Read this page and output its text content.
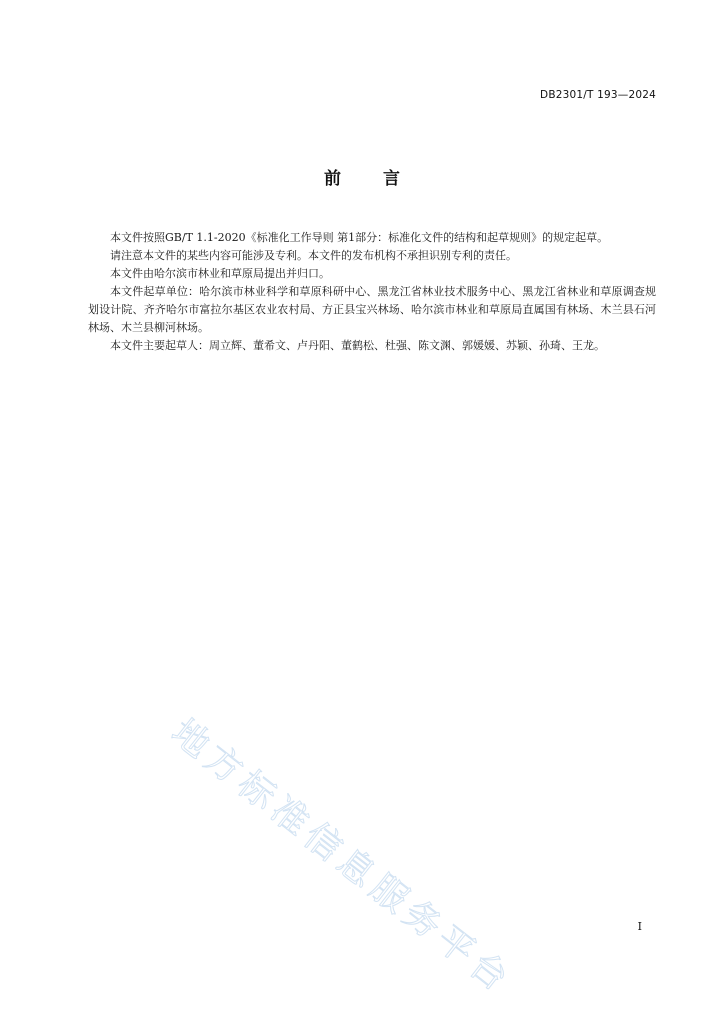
DB2301/T 193—2024
前 言

本文件按照GB/T 1.1-2020《标准化工作导则 第1部分：标准化文件的结构和起草规则》的规定起草。

请注意本文件的某些内容可能涉及专利。本文件的发布机构不承担识别专利的责任。

本文件由哈尔滨市林业和草原局提出并归口。

本文件起草单位：哈尔滨市林业科学和草原科研中心、黑龙江省林业技术服务中心、黑龙江省林业和草原调查规划设计院、齐齐哈尔市富拉尔基区农业农村局、方正县宝兴林场、哈尔滨市林业和草原局直属国有林场、木兰县石河林场、木兰县柳河林场。

本文件主要起草人：周立辉、董希文、卢丹阳、董鹤松、杜强、陈文渊、郭媛媛、苏颖、孙琦、王龙。

地方标准信息服务平台	I
